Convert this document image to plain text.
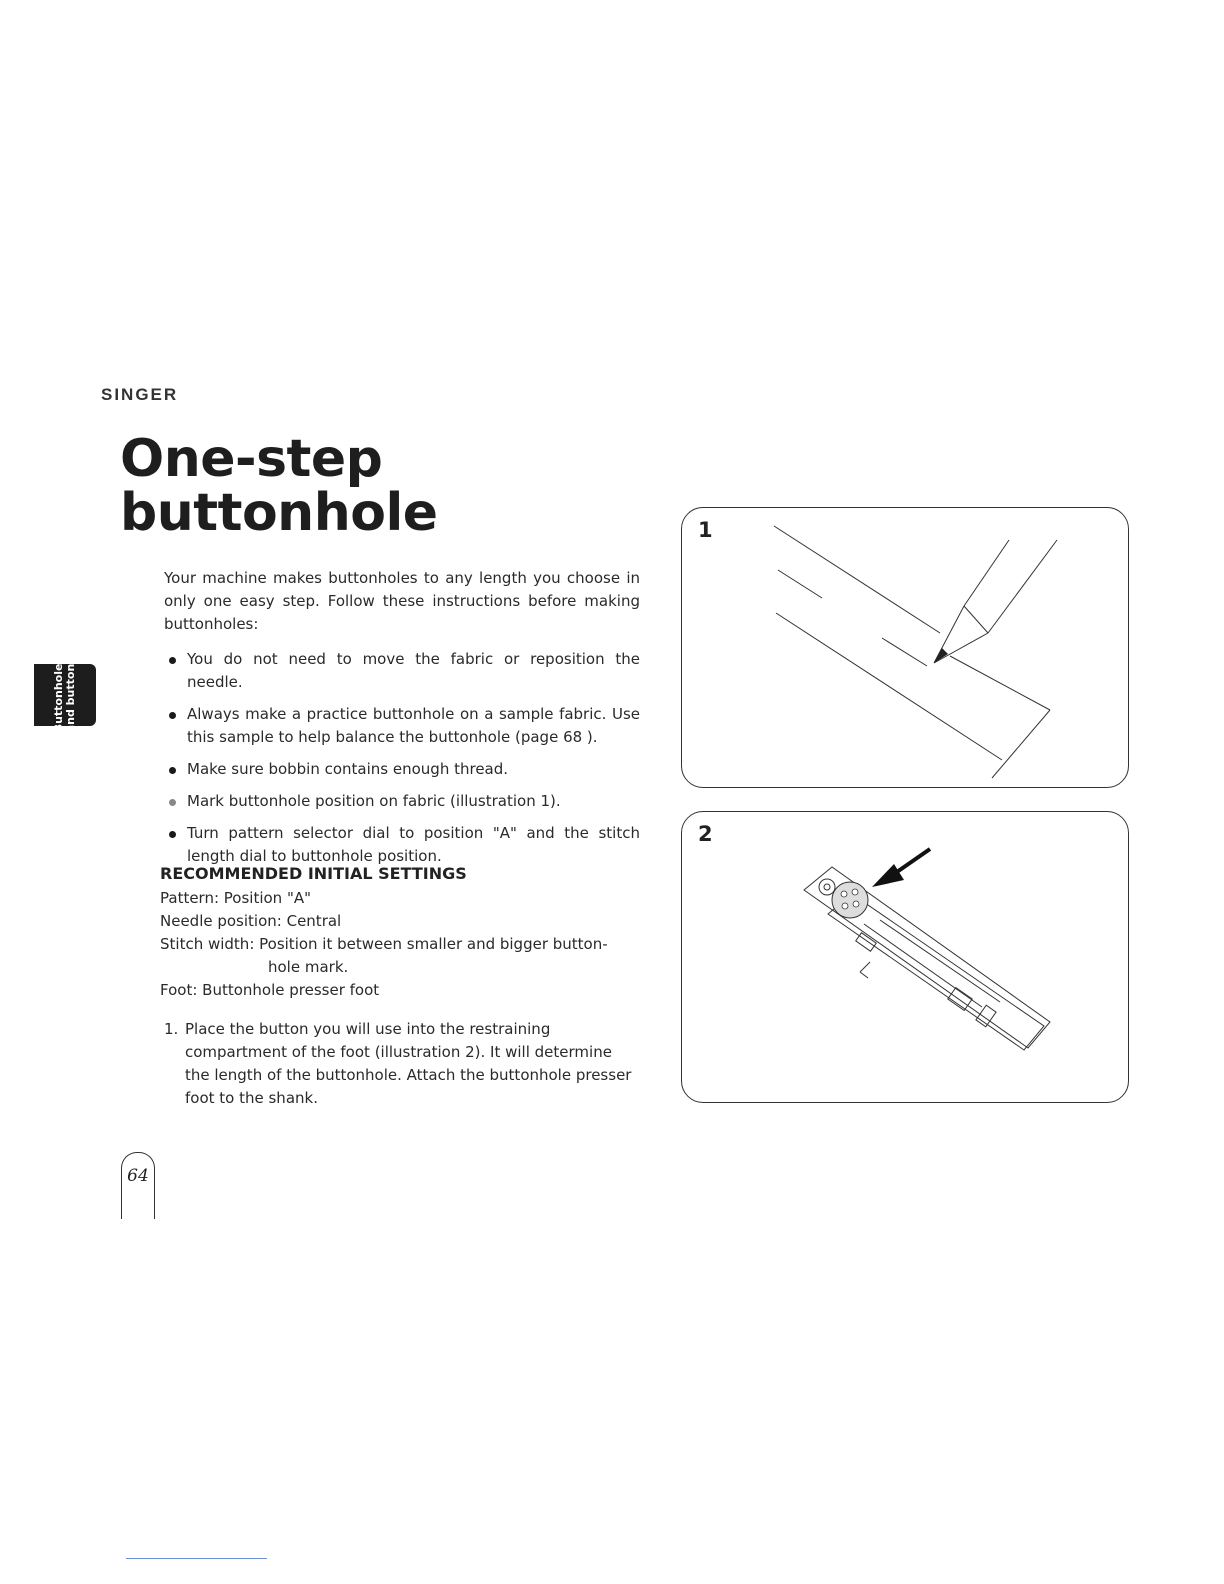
SINGER
One-step
buttonhole
Buttonholes
and buttons

Your machine makes buttonholes to any length you choose in only one easy step. Follow these instructions before making buttonholes:

You do not need to move the fabric or reposition the needle.
Always make a practice buttonhole on a sample fabric. Use this sample to help balance the buttonhole (page 68 ).
Make sure bobbin contains enough thread.
Mark buttonhole position on fabric (illustration 1).
Turn pattern selector dial to position "A" and the stitch length dial to buttonhole position.
RECOMMENDED INITIAL SETTINGS

Pattern: Position "A"

Needle position: Central

Stitch width: Position it between smaller and bigger button-

hole mark.

Foot: Buttonhole presser foot

1. Place the button you will use into the restraining compartment of the foot (illustration 2). It will determine the length of the buttonhole. Attach the buttonhole presser foot to the shank.

1
2
64
